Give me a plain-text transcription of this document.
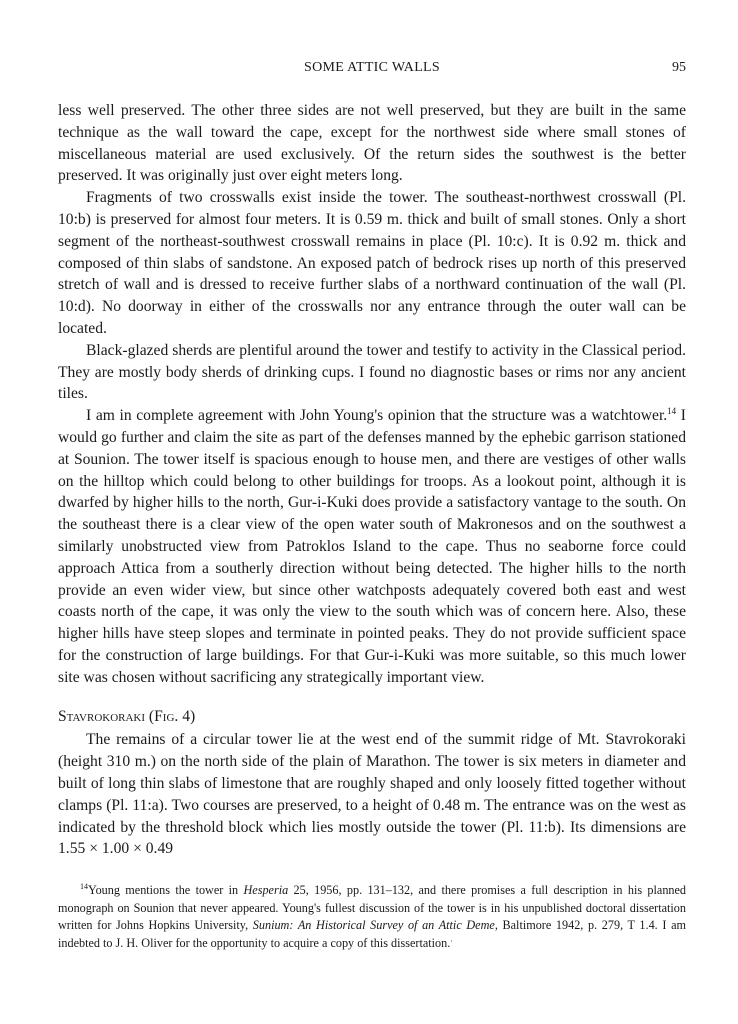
SOME ATTIC WALLS	95

less well preserved. The other three sides are not well preserved, but they are built in the same technique as the wall toward the cape, except for the northwest side where small stones of miscellaneous material are used exclusively. Of the return sides the southwest is the better preserved. It was originally just over eight meters long.

Fragments of two crosswalls exist inside the tower. The southeast-northwest crosswall (Pl. 10:b) is preserved for almost four meters. It is 0.59 m. thick and built of small stones. Only a short segment of the northeast-southwest crosswall remains in place (Pl. 10:c). It is 0.92 m. thick and composed of thin slabs of sandstone. An exposed patch of bedrock rises up north of this preserved stretch of wall and is dressed to receive further slabs of a northward continuation of the wall (Pl. 10:d). No doorway in either of the crosswalls nor any entrance through the outer wall can be located.

Black-glazed sherds are plentiful around the tower and testify to activity in the Classical period. They are mostly body sherds of drinking cups. I found no diagnostic bases or rims nor any ancient tiles.

I am in complete agreement with John Young's opinion that the structure was a watchtower.$^{14}$ I would go further and claim the site as part of the defenses manned by the ephebic garrison stationed at Sounion. The tower itself is spacious enough to house men, and there are vestiges of other walls on the hilltop which could belong to other buildings for troops. As a lookout point, although it is dwarfed by higher hills to the north, Gur-i-Kuki does provide a satisfactory vantage to the south. On the southeast there is a clear view of the open water south of Makronesos and on the southwest a similarly unobstructed view from Patroklos Island to the cape. Thus no seaborne force could approach Attica from a southerly direction without being detected. The higher hills to the north provide an even wider view, but since other watchposts adequately covered both east and west coasts north of the cape, it was only the view to the south which was of concern here. Also, these higher hills have steep slopes and terminate in pointed peaks. They do not provide sufficient space for the construction of large buildings. For that Gur-i-Kuki was more suitable, so this much lower site was chosen without sacrificing any strategically important view.

Stavrokoraki (Fig. 4)

The remains of a circular tower lie at the west end of the summit ridge of Mt. Stavrokoraki (height 310 m.) on the north side of the plain of Marathon. The tower is six meters in diameter and built of long thin slabs of limestone that are roughly shaped and only loosely fitted together without clamps (Pl. 11:a). Two courses are preserved, to a height of 0.48 m. The entrance was on the west as indicated by the threshold block which lies mostly outside the tower (Pl. 11:b). Its dimensions are 1.55 × 1.00 × 0.49

$^{14}$Young mentions the tower in Hesperia 25, 1956, pp. 131–132, and there promises a full description in his planned monograph on Sounion that never appeared. Young's fullest discussion of the tower is in his unpublished doctoral dissertation written for Johns Hopkins University, Sunium: An Historical Survey of an Attic Deme, Baltimore 1942, p. 279, T 1.4. I am indebted to J. H. Oliver for the opportunity to acquire a copy of this dissertation.·
